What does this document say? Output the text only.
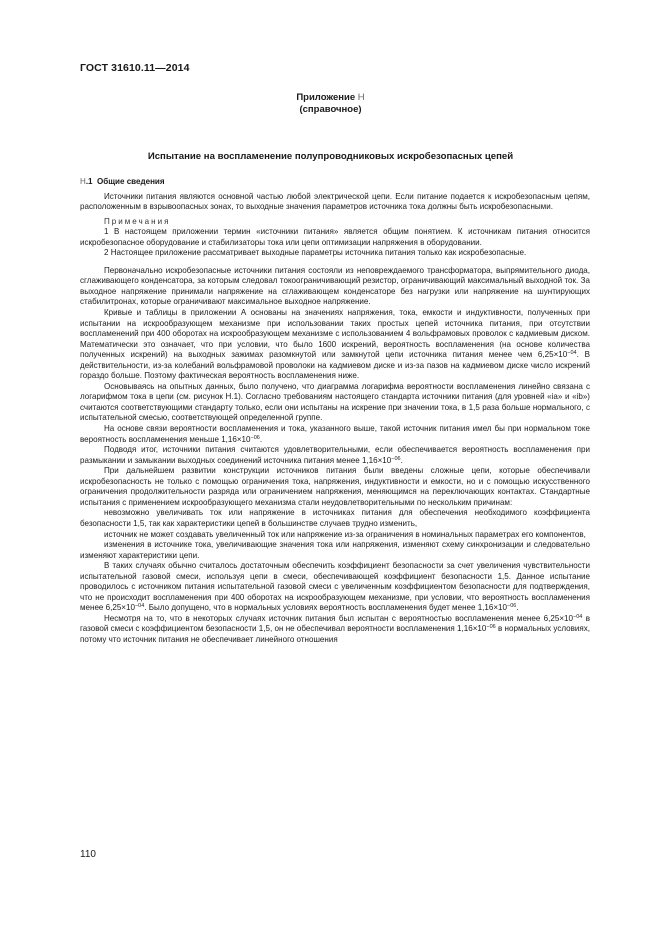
ГОСТ 31610.11—2014
Приложение Н
(справочное)
Испытание на воспламенение полупроводниковых искробезопасных цепей
Н.1 Общие сведения

Источники питания являются основной частью любой электрической цепи. Если питание подается к искробезопасным цепям, расположенным в взрывоопасных зонах, то выходные значения параметров источника тока должны быть искробезопасными.

Примечания

1 В настоящем приложении термин «источники питания» является общим понятием. К источникам питания относится искробезопасное оборудование и стабилизаторы тока или цепи оптимизации напряжения в оборудовании.

2 Настоящее приложение рассматривает выходные параметры источника питания только как искробезопасные.

Первоначально искробезопасные источники питания состояли из неповреждаемого трансформатора, выпрямительного диода, сглаживающего конденсатора, за которым следовал токоограничивающий резистор, ограничивающий максимальный выходной ток. За выходное напряжение принимали напряжение на сглаживающем конденсаторе без нагрузки или напряжение на шунтирующих стабилитронах, которые ограничивают максимальное выходное напряжение.

Кривые и таблицы в приложении А основаны на значениях напряжения, тока, емкости и индуктивности, полученных при испытании на искрообразующем механизме при использовании таких простых цепей источника питания, при отсутствии воспламенений при 400 оборотах на искрообразующем механизме с использованием 4 вольфрамовых проволок с кадмиевым диском. Математически это означает, что при условии, что было 1600 искрений, вероятность воспламенения (на основе количества полученных искрений) на выходных зажимах разомкнутой или замкнутой цепи источника питания менее чем $6,25\times 10^{-04}$. В действительности, из-за колебаний вольфрамовой проволоки на кадмиевом диске и из-за пазов на кадмиевом диске число искрений гораздо больше. Поэтому фактическая вероятность воспламенения ниже.

Основываясь на опытных данных, было получено, что диаграмма логарифма вероятности воспламенения линейно связана с логарифмом тока в цепи (см. рисунок Н.1). Согласно требованиям настоящего стандарта источники питания (для уровней «ia» и «ib») считаются соответствующими стандарту только, если они испытаны на искрение при значении тока, в 1,5 раза больше нормального, с испытательной смесью, соответствующей определенной группе.

На основе связи вероятности воспламенения и тока, указанного выше, такой источник питания имел бы при нормальном токе вероятность воспламенения меньше $1,16\times 10^{-06}$.

Подводя итог, источники питания считаются удовлетворительными, если обеспечивается вероятность воспламенения при размыкании и замыкании выходных соединений источника питания менее $1,16\times 10^{-06}$.

При дальнейшем развитии конструкции источников питания были введены сложные цепи, которые обеспечивали искробезопасность не только с помощью ограничения тока, напряжения, индуктивности и емкости, но и с помощью искусственного ограничения продолжительности разряда или ограничением напряжения, меняющимся на переключающих контактах. Стандартные испытания с применением искрообразующего механизма стали неудовлетворительными по нескольким причинам:

невозможно увеличивать ток или напряжение в источниках питания для обеспечения необходимого коэффициента безопасности 1,5, так как характеристики цепей в большинстве случаев трудно изменить,

источник не может создавать увеличенный ток или напряжение из-за ограничения в номинальных параметрах его компонентов,

изменения в источнике тока, увеличивающие значения тока или напряжения, изменяют схему синхронизации и следовательно изменяют характеристики цепи.

В таких случаях обычно считалось достаточным обеспечить коэффициент безопасности за счет увеличения чувствительности испытательной газовой смеси, используя цепи в смеси, обеспечивающей коэффициент безопасности 1,5. Данное испытание проводилось с источником питания испытательной газовой смеси с увеличенным коэффициентом безопасности для подтверждения, что не происходит воспламенения при 400 оборотах на искрообразующем механизме, при условии, что вероятность воспламенения менее $6,25\times 10^{-04}$. Было допущено, что в нормальных условиях вероятность воспламенения будет менее $1,16\times 10^{-06}$.

Несмотря на то, что в некоторых случаях источник питания был испытан с вероятностью воспламенения менее $6,25\times 10^{-04}$ в газовой смеси с коэффициентом безопасности 1,5, он не обеспечивал вероятности воспламенения $1,16\times 10^{-06}$ в нормальных условиях, потому что источник питания не обеспечивает линейного отношения

110
